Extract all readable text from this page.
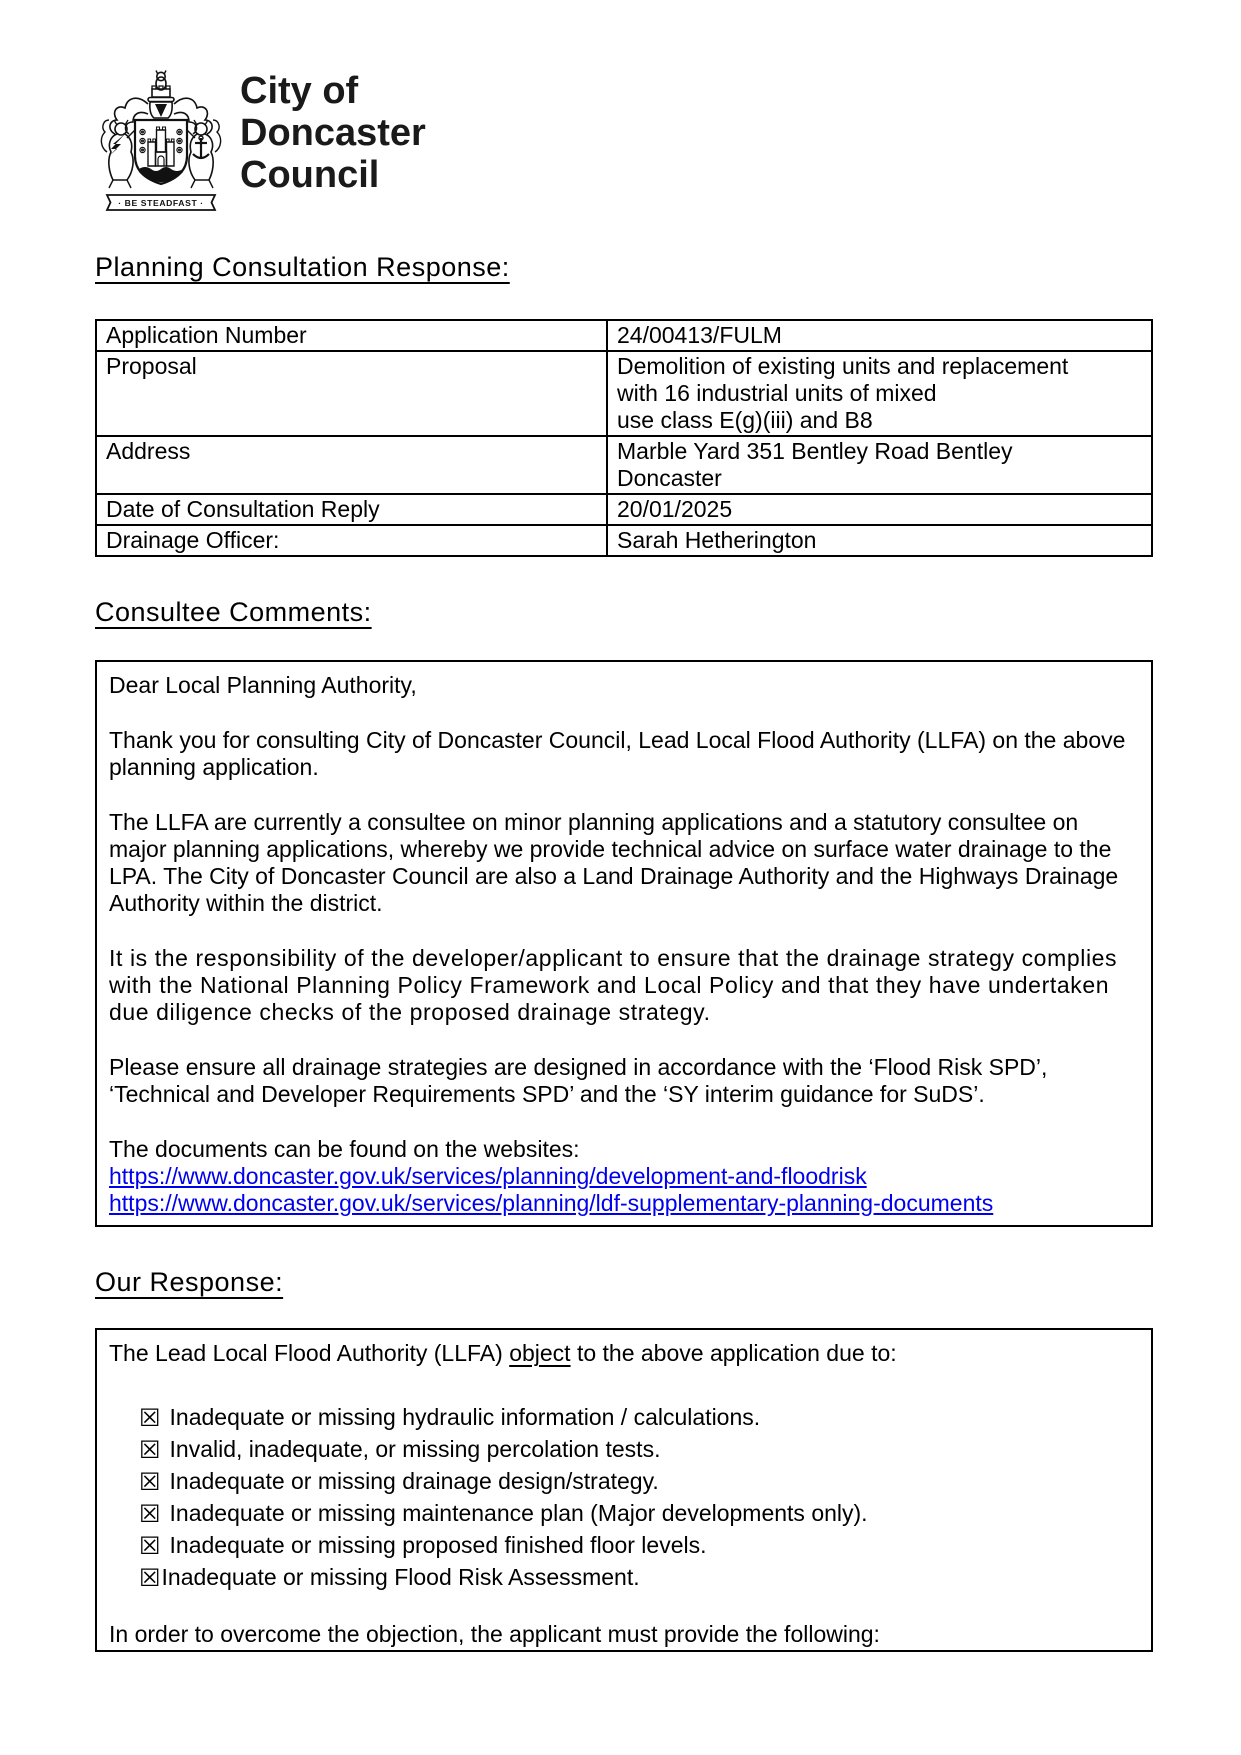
· BE STEADFAST ·
City of
Doncaster
Council
Planning Consultation Response:
Application Number	24/00413/FULM
Proposal	Demolition of existing units and replacement
with 16 industrial units of mixed
use class E(g)(iii) and B8

Address	Marble Yard 351 Bentley Road Bentley
Doncaster

Date of Consultation Reply	20/01/2025
Drainage Officer:	Sarah Hetherington
Consultee Comments:

Dear Local Planning Authority,

Thank you for consulting City of Doncaster Council, Lead Local Flood Authority (LLFA) on the above planning application.

The LLFA are currently a consultee on minor planning applications and a statutory consultee on major planning applications, whereby we provide technical advice on surface water drainage to the LPA. The City of Doncaster Council are also a Land Drainage Authority and the Highways Drainage Authority within the district.

It is the responsibility of the developer/applicant to ensure that the drainage strategy complies with the National Planning Policy Framework and Local Policy and that they have undertaken due diligence checks of the proposed drainage strategy.

Please ensure all drainage strategies are designed in accordance with the ‘Flood Risk SPD’, ‘Technical and Developer Requirements SPD’ and the ‘SY interim guidance for SuDS’.

The documents can be found on the websites:

https://www.doncaster.gov.uk/services/planning/development-and-floodrisk
https://www.doncaster.gov.uk/services/planning/ldf-supplementary-planning-documents
Our Response:

The Lead Local Flood Authority (LLFA) object to the above application due to:

☒ Inadequate or missing hydraulic information / calculations.
☒ Invalid, inadequate, or missing percolation tests.
☒ Inadequate or missing drainage design/strategy.
☒ Inadequate or missing maintenance plan (Major developments only).
☒ Inadequate or missing proposed finished floor levels.
☒Inadequate or missing Flood Risk Assessment.

In order to overcome the objection, the applicant must provide the following:
